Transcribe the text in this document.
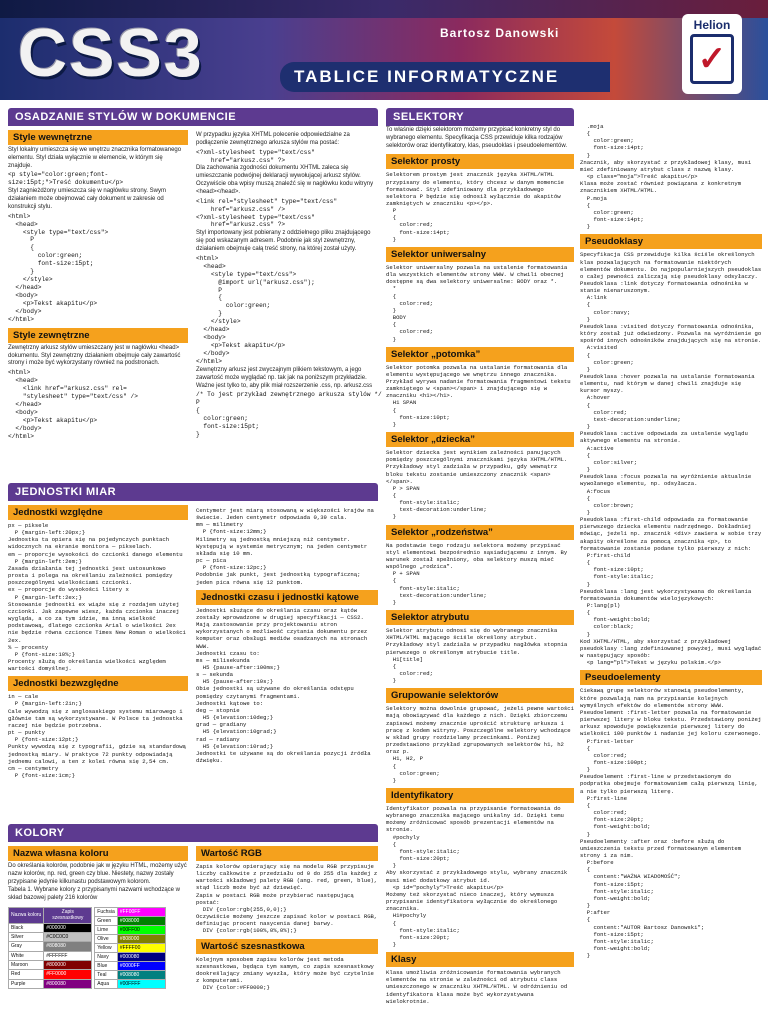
CSS3	Bartosz Danowski
TABLICE INFORMATYCZNE
Helion
✓
OSADZANIE STYLÓW W DOKUMENCIE
Style wewnętrzne

Styl lokalny umieszcza się we wnętrzu znacznika formatowanego elementu. Styl działa wyłącznie w elemencie, w którym się znajduje.

<p style="color:green;font-
size:15pt;">Treść dokumentu</p>

Styl zagnieżdżony umieszcza się w nagłówku strony. Swym działaniem może obejmować cały dokument w zakresie od konstrukcji stylu.

<html>
<head>
<style type="text/css">
P
{
color:green;
font-size:15pt;
}
</style>
</head>
<body>
<p>Tekst akapitu</p>
</body>
</html>
Style zewnętrzne

Zewnętrzny arkusz stylów umieszczany jest w nagłówku <head> dokumentu. Styl zewnętrzny działaniem obejmuje cały zawartość strony i może być wykorzystany również na podstronach.

<html>
<head>
<link href="arkusz.css" rel=
"stylesheet" type="text/css" />
</head>
<body>
<p>Tekst akapitu</p>
</body>
</html>

W przypadku języka XHTML polecenie odpowiedzialne za podłączenie zewnętrznego arkusza stylów ma postać:

<?xml-stylesheet type="text/css"
href="arkusz.css" ?>

Dla zachowania zgodności dokumentu XHTML zaleca się umieszczanie podwójnej deklaracji wywołującej arkusz stylów. Oczywiście oba wpisy muszą znaleźć się w nagłówku kodu witryny <head></head>.

<link rel="stylesheet" type="text/css"
href="arkusz.css" />
<?xml-stylesheet type="text/css"
href="arkusz.css" ?>

Styl importowany jest pobierany z oddzielnego pliku znajdującego się pod wskazanym adresem. Podobnie jak styl zewnętrzny, działaniem obejmuje całą treść strony, na której został użyty.

<html>
<head>
<style type="text/css">
@import url("arkusz.css");
P
{
color:green;
}
</style>
</head>
<body>
<p>Tekst akapitu</p>
</body>
</html>

Zewnętrzny arkusz jest zwyczajnym plikiem tekstowym, a jego zawartość może wyglądać np. tak jak na poniższym przykładzie. Ważne jest tylko to, aby plik miał rozszerzenie .css, np. arkusz.css

/* To jest przykład zewnętrznego arkusza stylów */
P
{
color:green;
font-size:15pt;
}
JEDNOSTKI MIAR
Jednostki względne
px — piksele
P {margin-left:20px;}
Jednostka ta opiera się na pojedynczych punktach widocznych na ekranie monitora — pikselach.
em — proporcje wysokości do czcionki danego elementu
P {margin-left:2em;}
Zasada działania tej jednostki jest ustosunkowo prosta i polega na określaniu zależności pomiędzy poszczególnymi wielkościami czcionki.
ex — proporcje do wysokości litery x
P {margin-left:2ex;}
Stosowanie jednostki ex wiąże się z rozdajem użytej czcionki. Jak zapewne wiesz, każda czcionka inaczej wygląda, a co za tym idzie, ma inną wielkość podstawową, dlatego czcionka Arial o wielkości 2ex nie będzie równa czcionce Times New Roman o wielkości 2ex.
% — procenty
P {font-size:10%;}
Procenty służą do określania wielkości względem wartości domyślnej.
Jednostki bezwzględne
in — cale
P {margin-left:2in;}
Cale wywodzą się z anglosaskiego systemu miarowego i głównie tam są wykorzystywane. W Polsce ta jednostka raczej nie będzie potrzebna.
pt — punkty
P {font-size:12pt;}
Punkty wywodzą się z typografii, gdzie są standardową jednostką miary. W praktyce 72 punkty odpowiadają jednemu calowi, a ten z kolei równa się 2,54 cm.
cm — centymetry
P {font-size:1cm;}
Centymetr jest miarą stosowaną w większości krajów na świecie. Jeden centymetr odpowiada 0,39 cala.
mm — milimetry
P {font-size:12mm;}
Milimetry są jednostką mniejszą niż centymetr. Występują w systemie metrycznym; na jeden centymetr składa się 10 mm.
pc — pica
P {font-size:12pc;}
Podobnie jak punkt, jest jednostką typograficzną; jeden pica równa się 12 punktom.
Jednostki czasu i jednostki kątowe
Jednostki służące do określania czasu oraz kątów zostały wprowadzone w drugiej specyfikacji — CSS2. Mają zastosowanie przy projektowaniu stron wykorzystanych o możliwość czytania dokumentu przez komputer oraz obsługi mediów osadzanych na stronach WWW.
Jednostki czasu to:
ms — milisekunda
H5 {pause-after:100ms;}
s — sekunda
H5 {pause-after:10s;}
Obie jednostki są używane do określania odstępu pomiędzy czytanymi fragmentami.
Jednostki kątowe to:
deg — stopnie
H5 {elevation:10deg;}
grad — gradiany
H5 {elevation:10grad;}
rad — radiany
H5 {elevation:10rad;}
Jednostki te używane są do określania pozycji źródła dźwięku.
KOLORY
Nazwa własna koloru

Do określania kolorów, podobnie jak w języku HTML, możemy użyć nazw kolorów, np. red, green czy blue. Niestety, nazwy zostały przypisane jedynie kilkunastu podstawowym kolorom.

Tabela 1. Wybrane kolory z przypisanymi nazwami wchodzące w skład bazowej palety 216 kolorów

Nazwa koloru	Zapis szesnastkowy
Black	#000000
Silver	#C0C0C0
Gray	#808080
White	#FFFFFF
Maroon	#800000
Red	#FF0000
Purple	#800080
Fuchsia	#FF00FF
Green	#008000
Lime	#00FF00
Olive	#808000
Yellow	#FFFF00
Navy	#000080
Blue	#0000FF
Teal	#008080
Aqua	#00FFFF
Wartość RGB
Zapis kolorów opierający się na modelu RGB przypisuje liczby całkowite z przedziału od 0 do 255 dla każdej z wartości składowej palety RGB (ang. red, green, blue), stąd liczb może być aż dziewięć.
Zapis w postaci RGB może przybierać następującą postać:
DIV {color:rgb(255,0,0);}
Oczywiście możemy jeszcze zapisać kolor w postaci RGB, definiując procent nasycenia danej barwy.
DIV {color:rgb(100%,0%,0%);}
Wartość szesnastkowa
Kolejnym sposobem zapisu kolorów jest metoda szesnastkowa, będąca tym samym, co zapis szesnastkowy dookreślający zmiany wyszła, który może być czytelnie z komputerami.
DIV {color:#FF0000;}
SELEKTORY

To właśnie dzięki selektorom możemy przypisać konkretny styl do wybranego elementu. Specyfikacja CSS przewiduje kilka rodzajów selektorów oraz identyfikatory, klas, pseudoklas i pseudoelementów.

Selektor prosty
Selektorem prostym jest znacznik języka XHTML/HTML przypisany do elementu, który chcesz w danym momencie formatować. Styl zdefiniowany dla przykładowego selektora P będzie się odnosił wyłącznie do akapitów zamkniętych w znaczniku <p></p>.
P
{
color:red;
font-size:14pt;
}
Selektor uniwersalny
Selektor uniwersalny pozwala na ustalenie formatowania dla wszystkich elementów strony WWW. W chwili obecnej dostępne są dwa selektory uniwersalne: BODY oraz *.
*
{
color:red;
}
BODY
{
color:red;
}
Selektor „potomka”
Selektor potomka pozwala na ustalanie formatowania dla elementu występującego we wnętrzu innego znacznika. Przykład wyrywa nadanie formatowania fragmentowi tekstu zamkniętego w <span></span> i znajdującego się w znaczniku <h1></h1>.
H1 SPAN
{
font-size:10pt;
}
Selektor „dziecka”
Selektor dziecka jest wynikiem zależności panujących pomiędzy poszczególnymi znacznikami języka XHTML/HTML. Przykładowy styl zadziała w przypadku, gdy wewnątrz bloku tekstu zostanie umieszczony znacznik <span></span>.
P > SPAN
{
font-style:italic;
text-decoration:underline;
}
Selektor „rodzeństwa”
Na podstawie tego rodzaju selektora możemy przypisać styl elementowi bezpośrednio sąsiadującemu z innym. By warunek został spełniony, oba selektory muszą mieć wspólnego „rodzica”.
P + SPAN
{
font-style:italic;
text-decoration:underline;
}
Selektor atrybutu
Selektor atrybutu odnosi się do wybranego znacznika XHTML/HTML mającego ściśle określony atrybut. Przykładowy styl zadziała w przypadku nagłówka stopnia pierwszego o określonym atrybucie title.
H1[title]
{
color:red;
}
Grupowanie selektorów
Selektory można dowolnie grupować, jeżeli pewne wartości mają obowiązywać dla każdego z nich. Dzięki zbiorczemu zapisowi możemy znacznie uprościć strukturę arkusza i pracę z kodem witryny. Poszczególne selektory wchodzące w skład grupy rozdzielamy przecinkami. Poniżej przedstawiono przykład zgrupowanych selektorów h1, h2 oraz p.
H1, H2, P
{
color:green;
}
Identyfikatory
Identyfikator pozwala na przypisanie formatowania do wybranego znacznika mającego unikalny id. Dzięki temu możemy zróżnicować sposób prezentacji elementów na stronie.
#pochyly
{
font-style:italic;
font-size:20pt;
}
Aby skorzystać z przykładowego stylu, wybrany znacznik musi mieć dodatkowy atrybut id.
<p id="pochyly">Treść akapitu</p>
Możemy też skorzystać nieco inaczej, który wymusza przypisanie identyfikatora wyłącznie do określonego znacznika.
H1#pochyly
{
font-style:italic;
font-size:20pt;
}
Klasy
Klasa umożliwia zróżnicowanie formatowania wybranych elementów na stronie w zależności od atrybutu class umieszczonego w znaczniku XHTML/HTML. W odróżnieniu od identyfikatora klasa może być wykorzystywana wielokrotnie.
.moja
{
color:green;
font-size:14pt;
}
Znacznik, aby skorzystać z przykładowej klasy, musi mieć zdefiniowany atrybut class z nazwą klasy.
<p class="moja">Treść akapitu</p>
Klasa może zostać również powiązana z konkretnym znacznikiem XHTML/HTML.
P.moja
{
color:green;
font-size:14pt;
}
Pseudoklasy
Specyfikacja CSS przewiduje kilka ściśle określonych klas pozwalających na formatowanie niektórych elementów dokumentu. Do najpopularniejszych pseudoklas o całej pewności zaliczają się pseudoklasy odsyłaczy.
Pseudoklasa :link dotyczy formatowania odnośnika w stanie nienaruszonym.
A:link
{
color:navy;
}
Pseudoklasa :visited dotyczy formatowania odnośnika, który został już odwiedzony. Pozwala na wyróżnienie go spośród innych odnośników znajdujących się na stronie.
A:visited
{
color:green;
}
Pseudoklasa :hover pozwala na ustalanie formatowania elementu, nad którym w danej chwili znajduje się kursor myszy.
A:hover
{
color:red;
text-decoration:underline;
}
Pseudoklasa :active odpowiada za ustalenie wyglądu aktywnego elementu na stronie.
A:active
{
color:silver;
}
Pseudoklasa :focus pozwala na wyróżnienie aktualnie wywołanego elementu, np. odsyłacza.
A:focus
{
color:brown;
}
Pseudoklasa :first-child odpowiada za formatowanie pierwszego dziecka elementu nadrzędnego. Dokładniej mówiąc, jeżeli np. znacznik <div> zawiera w sobie trzy akapity określone za pomocą znacznika <p>, to formatowanie zostanie podane tylko pierwszy z nich:
P:first-child
{
font-size:10pt;
font-style:italic;
}
Pseudoklasa :lang jest wykorzystywana do określania formatowania dokumentów wielojęzykowych:
P:lang(pl)
{
font-weight:bold;
color:black;
}
Kod XHTML/HTML, aby skorzystać z przykładowej pseudoklasy :lang zdefiniowanej powyżej, musi wyglądać w następujący sposób:
<p lang="pl">Tekst w języku polskim.</p>
Pseudoelementy
Ciekawą grupę selektorów stanowią pseudoelementy, które pozwalają nam na przypisanie kolejnych wymyślnych efektów do elementów strony WWW.
Pseudoelement :first-letter pozwala na formatowanie pierwszej litery w bloku tekstu. Przedstawiony poniżej arkusz spowoduje powiększenie pierwszej litery do wielkości 100 punktów i nadanie jej koloru czerwonego.
P:first-letter
{
color:red;
font-size:100pt;
}
Pseudoelement :first-line w przedstawionym do podpratka obejmuje formatowaniem całą pierwszą linię, a nie tylko pierwszą literę.
P:first-line
{
color:red;
font-size:20pt;
font-weight:bold;
}
Pseudoelementy :after oraz :before służą do umieszczenia tekstu przed formatowanym elementem strony i za nim.
P:before
{
content:"WAŻNA WIADOMOŚĆ";
font-size:15pt;
font-style:italic;
font-weight:bold;
}
P:after
{
content:"AUTOR Bartosz Danowski";
font-size:15pt;
font-style:italic;
font-weight:bold;
}
